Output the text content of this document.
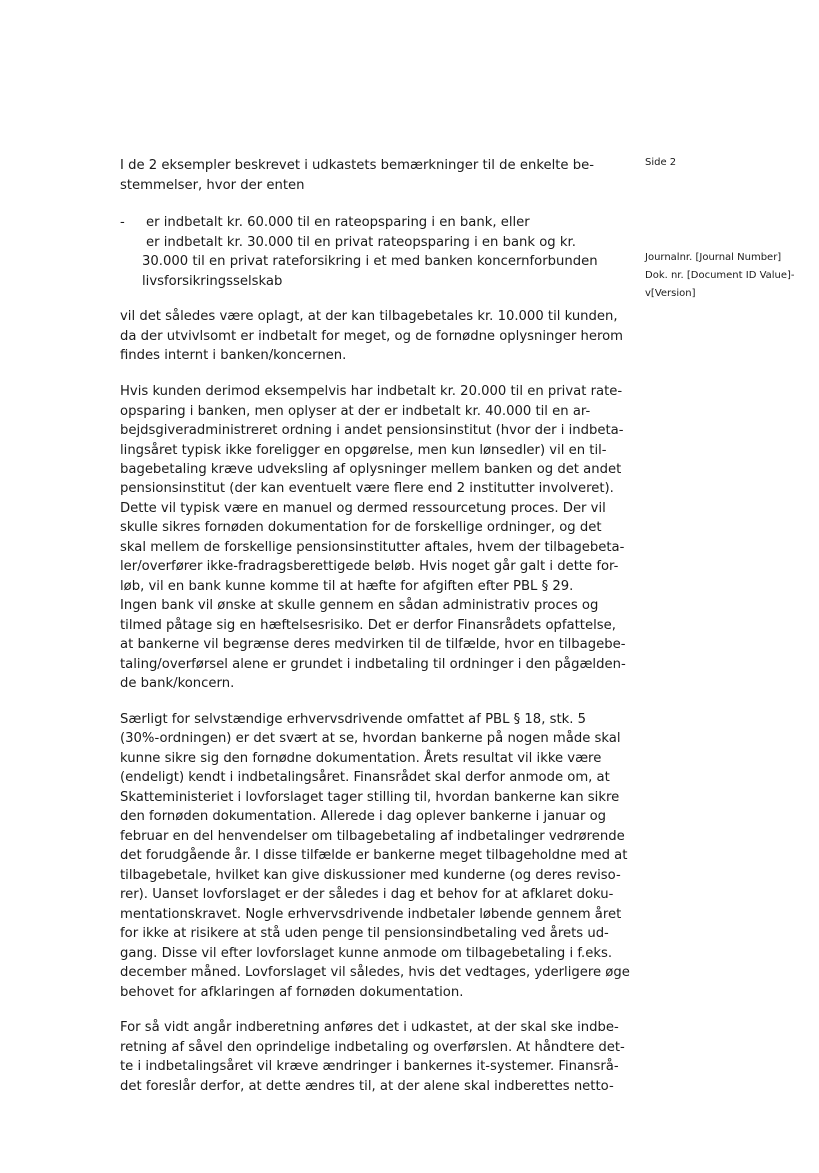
Side 2
Journalnr. [Journal Number]
Dok. nr. [Document ID Value]-
v[Version]
I de 2 eksempler beskrevet i udkastets bemærkninger til de enkelte be-
stemmelser, hvor der enten
- er indbetalt kr. 60.000 til en rateopsparing i en bank, eller
er indbetalt kr. 30.000 til en privat rateopsparing i en bank og kr.
30.000 til en privat rateforsikring i et med banken koncernforbunden
livsforsikringsselskab
vil det således være oplagt, at der kan tilbagebetales kr. 10.000 til kunden,
da der utvivlsomt er indbetalt for meget, og de fornødne oplysninger herom
findes internt i banken/koncernen.
Hvis kunden derimod eksempelvis har indbetalt kr. 20.000 til en privat rate-
opsparing i banken, men oplyser at der er indbetalt kr. 40.000 til en ar-
bejdsgiveradministreret ordning i andet pensionsinstitut (hvor der i indbeta-
lingsåret typisk ikke foreligger en opgørelse, men kun lønsedler) vil en til-
bagebetaling kræve udveksling af oplysninger mellem banken og det andet
pensionsinstitut (der kan eventuelt være flere end 2 institutter involveret).
Dette vil typisk være en manuel og dermed ressourcetung proces. Der vil
skulle sikres fornøden dokumentation for de forskellige ordninger, og det
skal mellem de forskellige pensionsinstitutter aftales, hvem der tilbagebeta-
ler/overfører ikke-fradragsberettigede beløb. Hvis noget går galt i dette for-
løb, vil en bank kunne komme til at hæfte for afgiften efter PBL § 29.
Ingen bank vil ønske at skulle gennem en sådan administrativ proces og
tilmed påtage sig en hæftelsesrisiko. Det er derfor Finansrådets opfattelse,
at bankerne vil begrænse deres medvirken til de tilfælde, hvor en tilbagebe-
taling/overførsel alene er grundet i indbetaling til ordninger i den pågælden-
de bank/koncern.
Særligt for selvstændige erhvervsdrivende omfattet af PBL § 18, stk. 5
(30%-ordningen) er det svært at se, hvordan bankerne på nogen måde skal
kunne sikre sig den fornødne dokumentation. Årets resultat vil ikke være
(endeligt) kendt i indbetalingsåret. Finansrådet skal derfor anmode om, at
Skatteministeriet i lovforslaget tager stilling til, hvordan bankerne kan sikre
den fornøden dokumentation. Allerede i dag oplever bankerne i januar og
februar en del henvendelser om tilbagebetaling af indbetalinger vedrørende
det forudgående år. I disse tilfælde er bankerne meget tilbageholdne med at
tilbagebetale, hvilket kan give diskussioner med kunderne (og deres reviso-
rer). Uanset lovforslaget er der således i dag et behov for at afklaret doku-
mentationskravet. Nogle erhvervsdrivende indbetaler løbende gennem året
for ikke at risikere at stå uden penge til pensionsindbetaling ved årets ud-
gang. Disse vil efter lovforslaget kunne anmode om tilbagebetaling i f.eks.
december måned. Lovforslaget vil således, hvis det vedtages, yderligere øge
behovet for afklaringen af fornøden dokumentation.
For så vidt angår indberetning anføres det i udkastet, at der skal ske indbe-
retning af såvel den oprindelige indbetaling og overførslen. At håndtere det-
te i indbetalingsåret vil kræve ændringer i bankernes it-systemer. Finansrå-
det foreslår derfor, at dette ændres til, at der alene skal indberettes netto-
